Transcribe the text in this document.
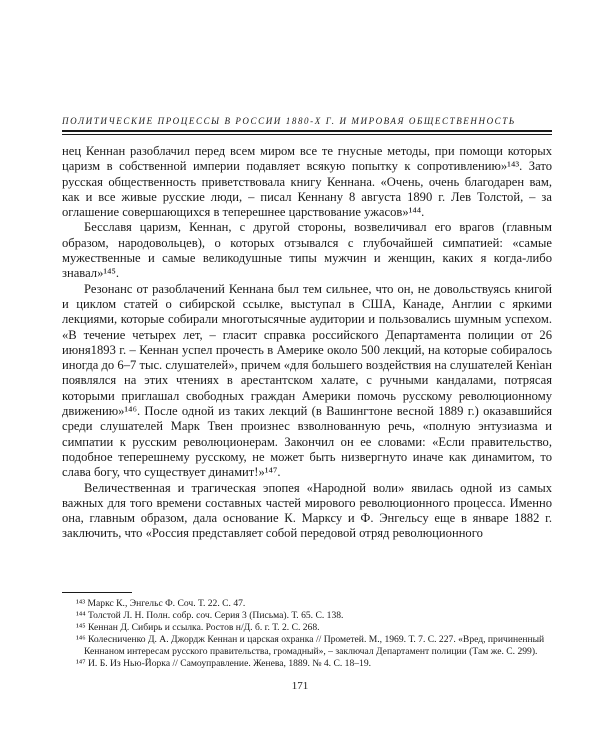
ПОЛИТИЧЕСКИЕ ПРОЦЕССЫ В РОССИИ 1880-Х Г. И МИРОВАЯ ОБЩЕСТВЕННОСТЬ

нец Кеннан разоблачил перед всем миром все те гнусные методы, при помощи которых царизм в собственной империи подавляет всякую попытку к сопротивлению»¹⁴³. Зато русская общественность приветствовала книгу Кеннана. «Очень, очень благодарен вам, как и все живые русские люди, – писал Кеннану 8 августа 1890 г. Лев Толстой, – за оглашение совершающихся в теперешнее царствование ужасов»¹⁴⁴.

Бесславя царизм, Кеннан, с другой стороны, возвеличивал его врагов (главным образом, народовольцев), о которых отзывался с глубочайшей симпатией: «самые мужественные и самые великодушные типы мужчин и женщин, каких я когда-либо знавал»¹⁴⁵.

Резонанс от разоблачений Кеннана был тем сильнее, что он, не довольствуясь книгой и циклом статей о сибирской ссылке, выступал в США, Канаде, Англии с яркими лекциями, которые собирали многотысячные аудитории и пользовались шумным успехом. «В течение четырех лет, – гласит справка российского Департамента полиции от 26 июня1893 г. – Кеннан успел прочесть в Америке около 500 лекций, на которые собиралось иногда до 6–7 тыс. слушателей», причем «для большего воздействия на слушателей Кенìан появлялся на этих чтениях в арестантском халате, с ручными кандалами, потрясая которыми приглашал свободных граждан Америки помочь русскому революционному движению»¹⁴⁶. После одной из таких лекций (в Вашингтоне весной 1889 г.) оказавшийся среди слушателей Марк Твен произнес взволнованную речь, «полную энтузиазма и симпатии к русским революционерам. Закончил он ее словами: «Если правительство, подобное теперешнему русскому, не может быть низвергнуто иначе как динамитом, то слава богу, что существует динамит!»¹⁴⁷.

Величественная и трагическая эпопея «Народной воли» явилась одной из самых важных для того времени составных частей мирового революционного процесса. Именно она, главным образом, дала основание К. Марксу и Ф. Энгельсу еще в январе 1882 г. заключить, что «Россия представляет собой передовой отряд революционного

¹⁴³ Маркс К., Энгельс Ф. Соч. Т. 22. С. 47.
¹⁴⁴ Толстой Л. Н. Полн. собр. соч. Серия 3 (Письма). Т. 65. С. 138.
¹⁴⁵ Кеннан Д. Сибирь и ссылка. Ростов н/Д. б. г. Т. 2. С. 268.
¹⁴⁶ Колесниченко Д. А. Джордж Кеннан и царская охранка // Прометей. М., 1969. Т. 7. С. 227. «Вред, причиненный Кеннаном интересам русского правительства, громадный», – заключал Департамент полиции (Там же. С. 299).
¹⁴⁷ И. Б. Из Нью-Йорка // Самоуправление. Женева, 1889. № 4. С. 18–19.
171
